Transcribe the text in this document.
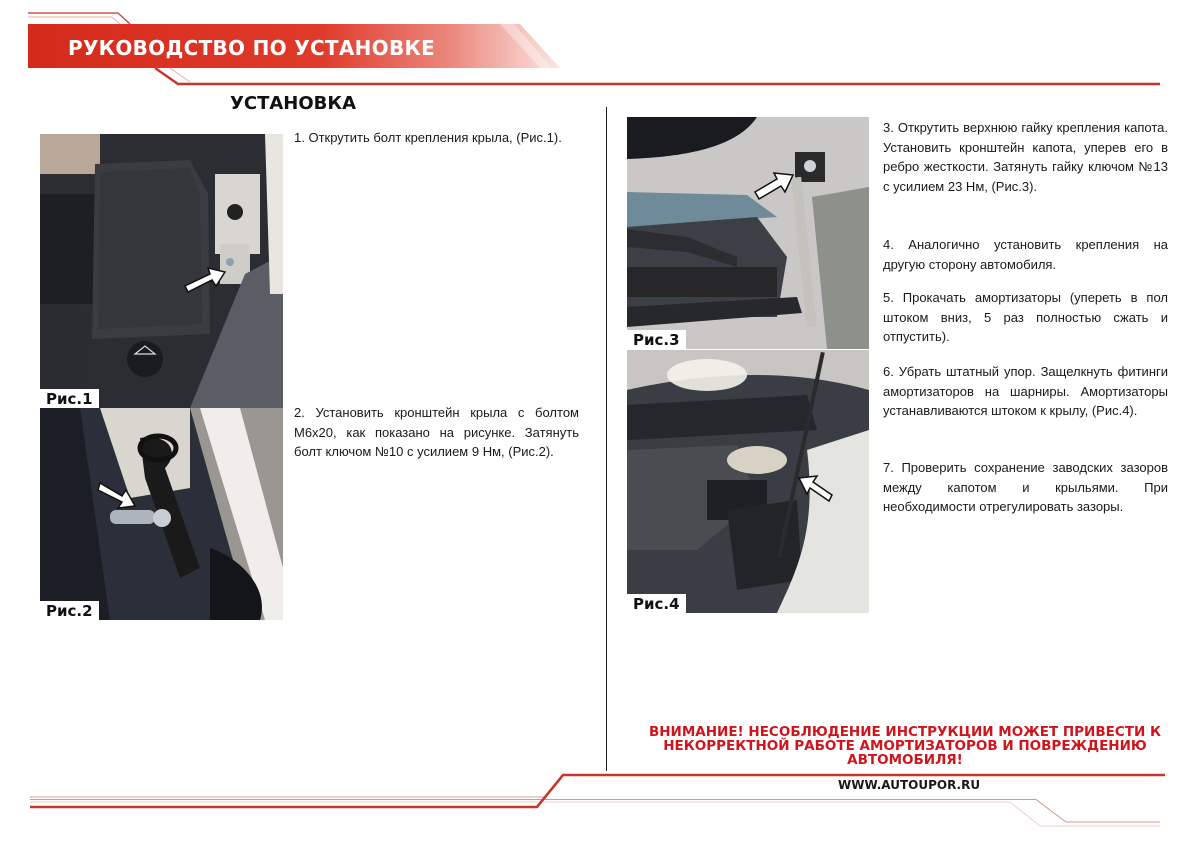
РУКОВОДСТВО ПО УСТАНОВКЕ
УСТАНОВКА
Рис.1
Рис.2
Рис.3
Рис.4

1. Открутить болт крепления крыла, (Рис.1).

2. Установить кронштейн крыла с болтом М6х20, как показано на рисунке. Затянуть болт ключом №10 с усилием 9 Нм, (Рис.2).

3. Открутить верхнюю гайку крепления капота. Установить кронштейн капота, уперев его в ребро жесткости. Затянуть гайку ключом №13 с усилием 23 Нм, (Рис.3).

4. Аналогично установить крепления на другую сторону автомобиля.

5. Прокачать амортизаторы (упереть в пол штоком вниз, 5 раз полностью сжать и отпустить).

6. Убрать штатный упор. Защелкнуть фитинги амортизаторов на шарниры. Амортизаторы устанавливаются штоком к крылу, (Рис.4).

7. Проверить сохранение заводских зазоров между капотом и крыльями. При необходимости отрегулировать зазоры.

ВНИМАНИЕ! НЕСОБЛЮДЕНИЕ ИНСТРУКЦИИ МОЖЕТ ПРИВЕСТИ К
НЕКОРРЕКТНОЙ РАБОТЕ АМОРТИЗАТОРОВ И ПОВРЕЖДЕНИЮ
АВТОМОБИЛЯ!
WWW.AUTOUPOR.RU
